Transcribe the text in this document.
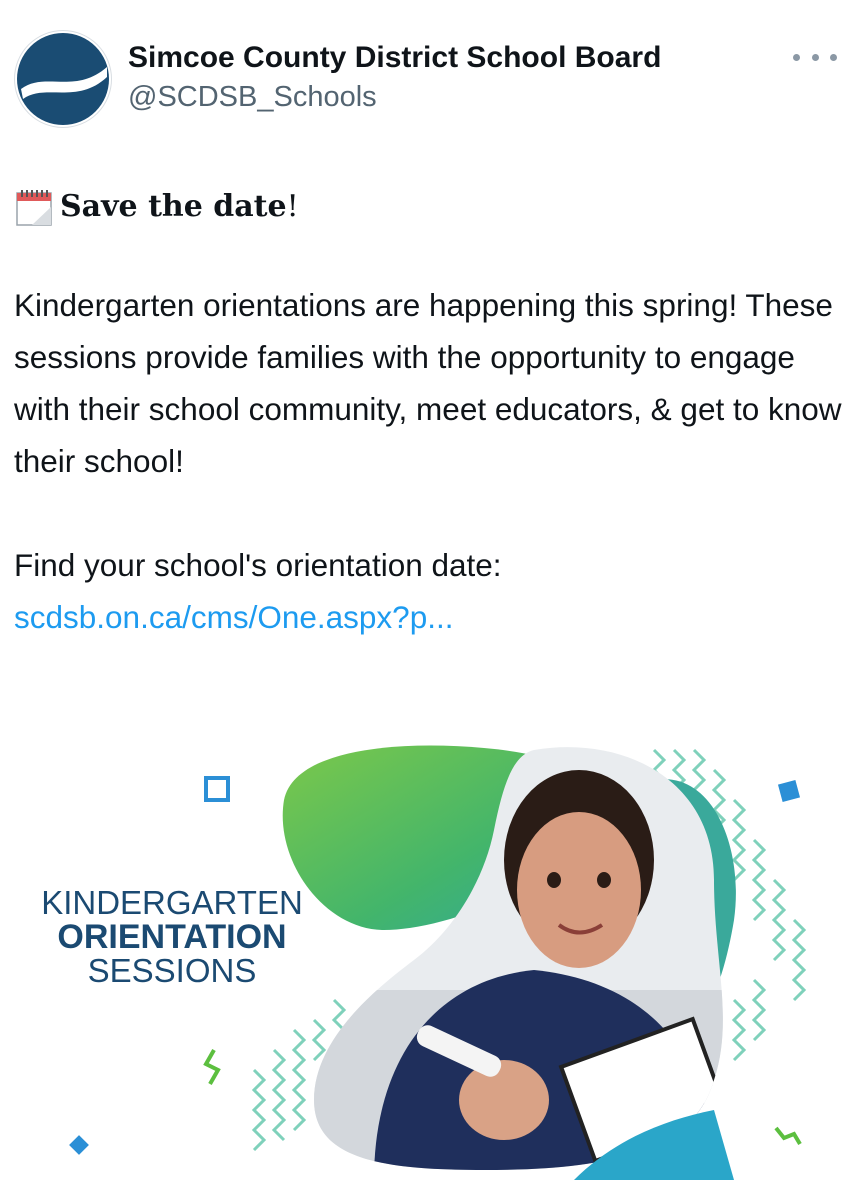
Simcoe County District School Board
@SCDSB_Schools
Save the date !
Kindergarten orientations are happening this spring! These sessions provide families with the opportunity to engage with their school community, meet educators, & get to know their school!
Find your school's orientation date:
scdsb.on.ca/cms/One.aspx?p...
KINDERGARTEN
ORIENTATION
SESSIONS
